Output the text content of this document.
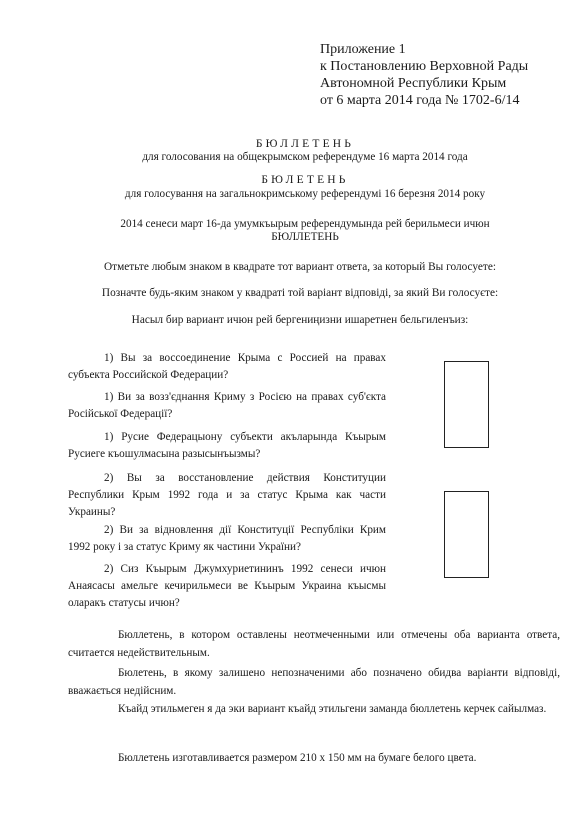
Приложение 1
к Постановлению Верховной Рады
Автономной Республики Крым
от 6 марта 2014 года № 1702-6/14
БЮЛЛЕТЕНЬ
для голосования на общекрымском референдуме 16 марта 2014 года
БЮЛЕТЕНЬ
для голосування на загальнокримському референдумі 16 березня 2014 року
2014 сенеси март 16-да умумкъырым референдумында рей берильмеси ичюн
БЮЛЛЕТЕНЬ
Отметьте любым знаком в квадрате тот вариант ответа, за который Вы голосуете:
Позначте будь-яким знаком у квадраті той варіант відповіді, за який Ви голосуєте:
Насыл бир вариант ичюн рей бергениңизни ишаретнен бельгиленъиз:
1) Вы за воссоединение Крыма с Россией на правах субъекта Российской Федерации?
1) Ви за возз'єднання Криму з Росією на правах суб'єкта Російської Федерації?
1) Русие Федерацыону субъекти акъларында Къырым Русиеге къошулмасына разысынъызмы?
2) Вы за восстановление действия Конституции Республики Крым 1992 года и за статус Крыма как части Украины?
2) Ви за відновлення дії Конституції Республіки Крим 1992 року і за статус Криму як частини України?
2) Сиз Къырым Джумхуриетининъ 1992 сенеси ичюн Анаясасы амельге кечирильмеси ве Къырым Украина къысмы оларакъ статусы ичюн?
Бюллетень, в котором оставлены неотмеченными или отмечены оба варианта ответа, считается недействительным.
Бюлетень, в якому залишено непозначеними або позначено обидва варіанти відповіді, вважається недійсним.
Къайд этильмеген я да эки вариант къайд этильгени заманда бюллетень керчек сайылмаз.
Бюллетень изготавливается размером 210 х 150 мм на бумаге белого цвета.
